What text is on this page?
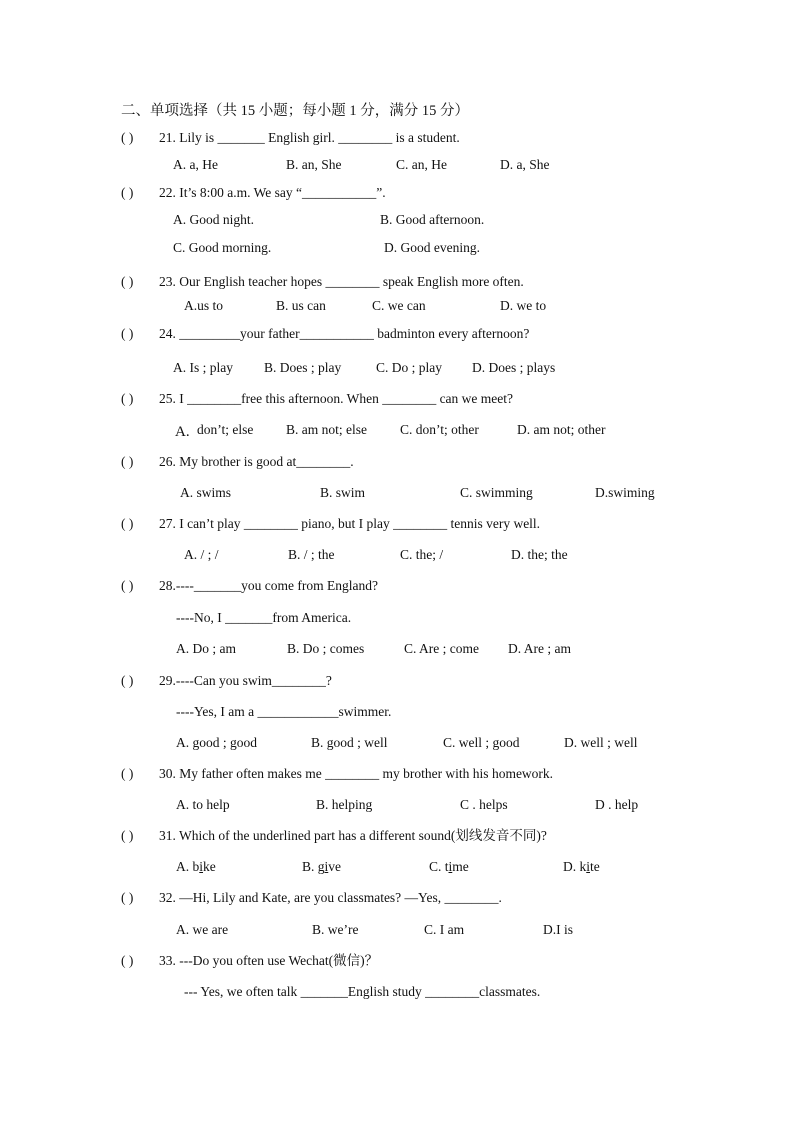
二、单项选择（共 15 小题；每小题 1 分，满分 15 分）
( ) 21. Lily is _______ English girl. ________ is a student.
A. a, He	B. an, She	C. an, He	D. a, She
( ) 22. It’s 8:00 a.m. We say “___________”.
A. Good night.	B. Good afternoon.
C. Good morning.	D. Good evening.
( ) 23. Our English teacher hopes ________ speak English more often.
A.us to	B. us can	C. we can	D. we to
( ) 24. _________your father___________ badminton every afternoon?
A. Is ; play B. Does ; play	C. Do ; play D. Does ; plays
( ) 25. I ________free this afternoon. When ________ can we meet?
A. don’t; else B. am not; else C. don’t; other	D. am not; other
( ) 26. My brother is good at________.
A. swims	B. swim	C. swimming	D.swiming
( ) 27. I can’t play ________ piano, but I play ________ tennis very well.
A. / ; /	B. / ; the	C. the; /	D. the; the
( ) 28.----_______you come from England?
----No, I _______from America.
A. Do ; am	B. Do ; comes	C. Are ; come D. Are ; am
( ) 29.----Can you swim________?
----Yes, I am a ____________swimmer.
A. good ; good	B. good ; well	C. well ; good	D. well ; well
( ) 30. My father often makes me ________ my brother with his homework.
A. to help	B. helping	C . helps	D . help
( ) 31. Which of the underlined part has a different sound(划线发音不同)?
A. bike	B. give	C. time	D. kite
( ) 32. —Hi, Lily and Kate, are you classmates? —Yes, ________.
A. we are	B. we’re	C. I am	D.I is
( ) 33. ---Do you often use Wechat(微信)？
--- Yes, we often talk _______English study ________classmates.
